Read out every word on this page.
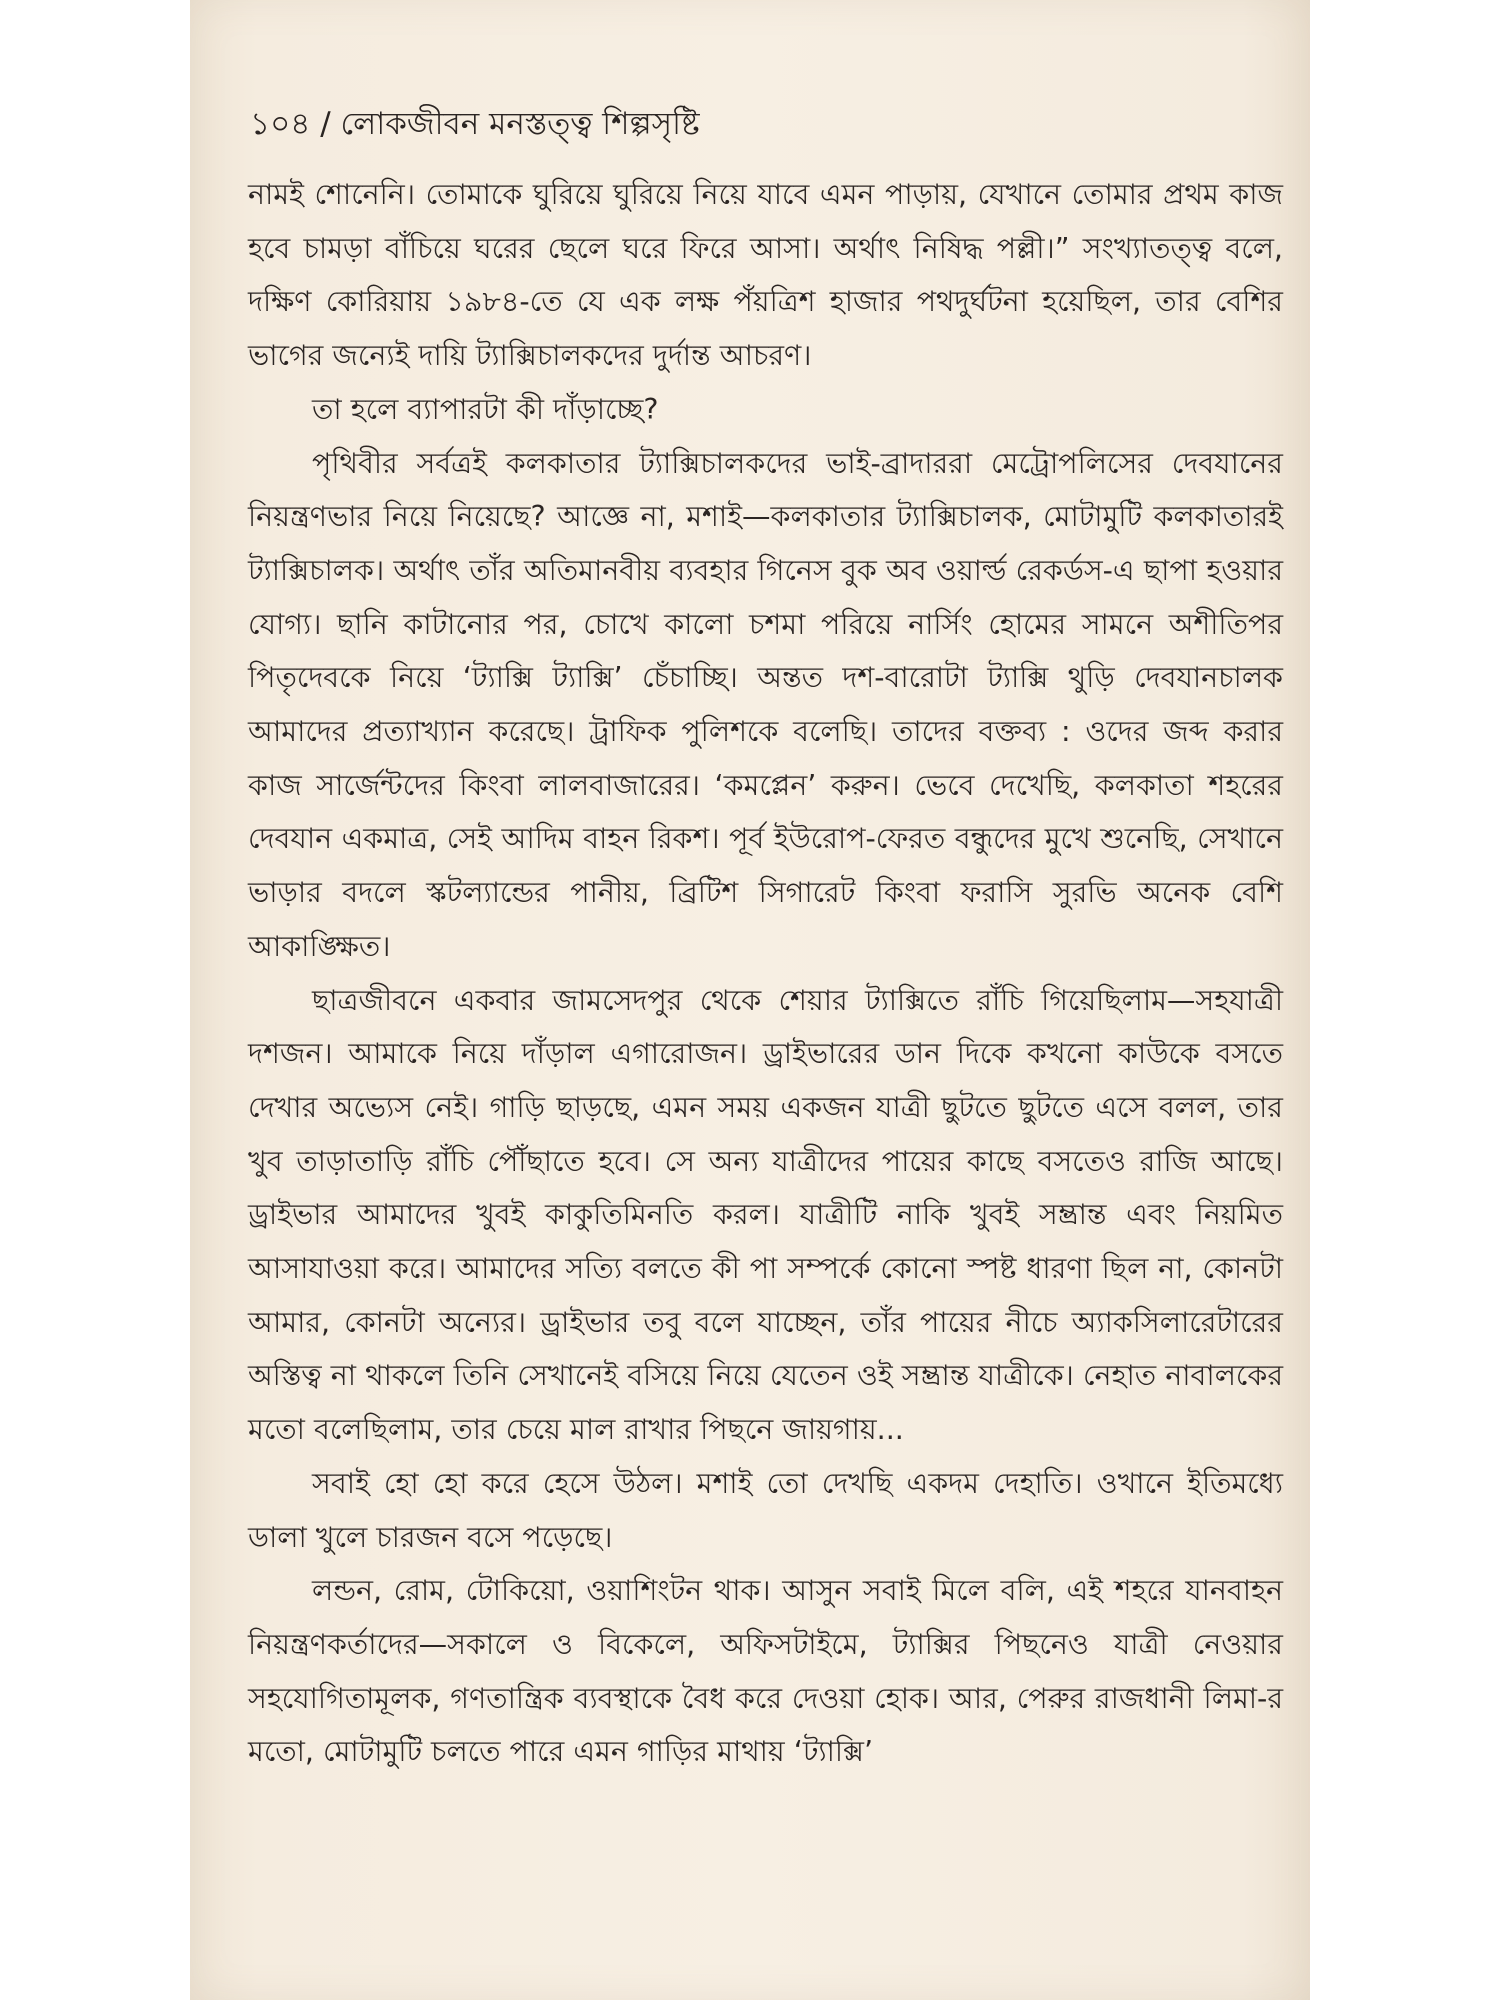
১০৪ / লোকজীবন মনস্তত্ত্ব শিল্পসৃষ্টি

নামই শোনেনি। তোমাকে ঘুরিয়ে ঘুরিয়ে নিয়ে যাবে এমন পাড়ায়, যেখানে তোমার প্রথম কাজ হবে চামড়া বাঁচিয়ে ঘরের ছেলে ঘরে ফিরে আসা। অর্থাৎ নিষিদ্ধ পল্লী।” সংখ্যাতত্ত্ব বলে, দক্ষিণ কোরিয়ায় ১৯৮৪-তে যে এক লক্ষ পঁয়ত্রিশ হাজার পথদুর্ঘটনা হয়েছিল, তার বেশির ভাগের জন্যেই দায়ি ট্যাক্সিচালকদের দুর্দান্ত আচরণ।

তা হলে ব্যাপারটা কী দাঁড়াচ্ছে?

পৃথিবীর সর্বত্রই কলকাতার ট্যাক্সিচালকদের ভাই-ব্রাদাররা মেট্রোপলিসের দেবযানের নিয়ন্ত্রণভার নিয়ে নিয়েছে? আজ্ঞে না, মশাই—কলকাতার ট্যাক্সিচালক, মোটামুটি কলকাতারই ট্যাক্সিচালক। অর্থাৎ তাঁর অতিমানবীয় ব্যবহার গিনেস বুক অব ওয়ার্ল্ড রেকর্ডস-এ ছাপা হওয়ার যোগ্য। ছানি কাটানোর পর, চোখে কালো চশমা পরিয়ে নার্সিং হোমের সামনে অশীতিপর পিতৃদেবকে নিয়ে ‘ট্যাক্সি ট্যাক্সি’ চেঁচাচ্ছি। অন্তত দশ-বারোটা ট্যাক্সি থুড়ি দেবযানচালক আমাদের প্রত্যাখ্যান করেছে। ট্রাফিক পুলিশকে বলেছি। তাদের বক্তব্য : ওদের জব্দ করার কাজ সার্জেন্টদের কিংবা লালবাজারের। ‘কমপ্লেন’ করুন। ভেবে দেখেছি, কলকাতা শহরের দেবযান একমাত্র, সেই আদিম বাহন রিকশ। পূর্ব ইউরোপ-ফেরত বন্ধুদের মুখে শুনেছি, সেখানে ভাড়ার বদলে স্কটল্যান্ডের পানীয়, ব্রিটিশ সিগারেট কিংবা ফরাসি সুরভি অনেক বেশি আকাঙ্ক্ষিত।

ছাত্রজীবনে একবার জামসেদপুর থেকে শেয়ার ট্যাক্সিতে রাঁচি গিয়েছিলাম—সহযাত্রী দশজন। আমাকে নিয়ে দাঁড়াল এগারোজন। ড্রাইভারের ডান দিকে কখনো কাউকে বসতে দেখার অভ্যেস নেই। গাড়ি ছাড়ছে, এমন সময় একজন যাত্রী ছুটতে ছুটতে এসে বলল, তার খুব তাড়াতাড়ি রাঁচি পৌঁছাতে হবে। সে অন্য যাত্রীদের পায়ের কাছে বসতেও রাজি আছে। ড্রাইভার আমাদের খুবই কাকুতিমিনতি করল। যাত্রীটি নাকি খুবই সম্ভ্রান্ত এবং নিয়মিত আসাযাওয়া করে। আমাদের সত্যি বলতে কী পা সম্পর্কে কোনো স্পষ্ট ধারণা ছিল না, কোনটা আমার, কোনটা অন্যের। ড্রাইভার তবু বলে যাচ্ছেন, তাঁর পায়ের নীচে অ্যাকসিলারেটারের অস্তিত্ব না থাকলে তিনি সেখানেই বসিয়ে নিয়ে যেতেন ওই সম্ভ্রান্ত যাত্রীকে। নেহাত নাবালকের মতো বলেছিলাম, তার চেয়ে মাল রাখার পিছনে জায়গায়...

সবাই হো হো করে হেসে উঠল। মশাই তো দেখছি একদম দেহাতি। ওখানে ইতিমধ্যে ডালা খুলে চারজন বসে পড়েছে।

লন্ডন, রোম, টোকিয়ো, ওয়াশিংটন থাক। আসুন সবাই মিলে বলি, এই শহরে যানবাহন নিয়ন্ত্রণকর্তাদের—সকালে ও বিকেলে, অফিসটাইমে, ট্যাক্সির পিছনেও যাত্রী নেওয়ার সহযোগিতামূলক, গণতান্ত্রিক ব্যবস্থাকে বৈধ করে দেওয়া হোক। আর, পেরুর রাজধানী লিমা-র মতো, মোটামুটি চলতে পারে এমন গাড়ির মাথায় ‘ট্যাক্সি’
